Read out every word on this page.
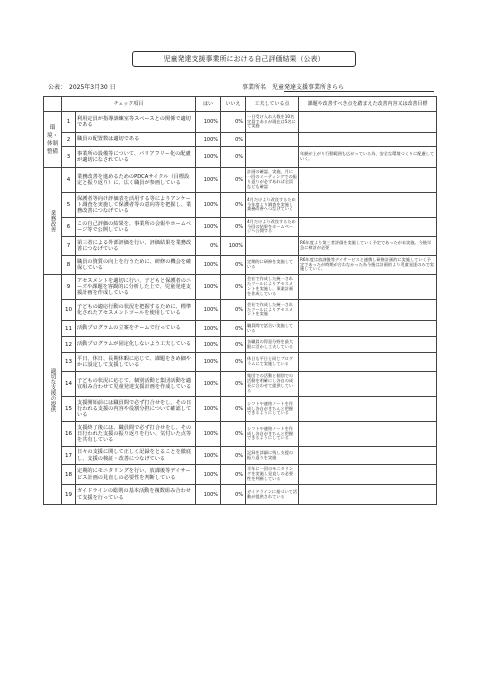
児童発達支援事業所における自己評価結果（公表）
公表：　2025年3月30 日	事業所名　 児童発達支援事業所きらら
	チェック項目		はい	いいえ	工夫している点	課題や改善すべき点を踏まえた改善内容又は改善目標
環境・体制整備	1	利用定員が指導訓練室等スペースとの関係で適切である	100%	0%	一日受け入れ人数を10名定員であるが現在は5名にて実施	
	2	職員の配置数は適切である	100%	0%		
	3	事業所の設備等について、バリアフリー化の配慮が適切になされている	100%	0%		年齢が上がり行動範囲も広がっている為、安全な環境づくりに配慮していく。
業務改善	4	業務改善を進めるためのPDCAサイクル（目標設定と振り返り）に、広く職員が参画している	100%	0%	計画の確認、実施、月に一回のミーティングでの振り返りが必ずあれば全員なども確認	
	5	保護者等向け評価表を活用する等によりアンケート調査を実施して保護者等の意向等を把握し、業務改善につなげている	100%	0%	4月だけより改良するため今年度より調査を実施し業務改善へつなげていく	
	6	この自己評価の結果を、事業所の会報やホームページ等で公開している	100%	0%	4月だけより改良するため今回の結果をホームページへ公開する	
	7	第三者による外部評価を行い、評価結果を業務改善につなげている	0%	100%		R6年度より第三者評価を実施していく予定であったが未実施。今後早急に検討が必要
	8	職員の資質の向上を行うために、研修の機会を確保している	100%	0%	定期的に研修を実施している	R6年度は放課後等デイサービスと連携し研修計画的に実施していく予定であったが時期が合わなかった為今後は計画的より児童発達のみで実施していく。
適切な支援の提供	9	アセスメントを適切に行い、子どもと保護者のニーズや課題を客観的に分析した上で、児童発達支援計画を作成している	100%	0%	会社で作成した統一されたツールによりアセスメントを実施し、事業計画を作成している	
	10	子どもの適応行動の状況を把握するために、標準化されたアセスメントツールを使用している	100%	0%	会社で作成した統一されたツールによりアセスメントを実施	
	11	活動プログラムの立案をチームで行っている	100%	0%	職員間で話合い実施している	
	12	活動プログラムが固定化しないよう工夫している	100%	0%	各職員の得意分野を最大限に活かし工夫している	
	13	平日、休日、長期休暇に応じて、課題をきめ細やかに設定して支援している	100%	0%	休日も平日と同じプログラムにて実施している	
	14	子どもの状況に応じて、個別活動と集団活動を適宜組み合わせて児童発達支援計画を作成している	100%	0%	集団での活動と個別での活動を明確にし各自の成長に合わせて提供している	
	15	支援開始前には職員間で必ず打合せをし、その日行われる支援の内容や役割分担について確認している	100%	0%	シフトや連絡ノートを作成し各自がきちんと把握できるようにしている	
	16	支援終了後には、職員間で必ず打合せをし、その日行われた支援の振り返りを行い、気付いた点等を共有している	100%	0%	シフトや連絡ノートを作成し各自がきちんと把握できるようにしている	
	17	日々の支援に関して正しく記録をとることを徹底し、支援の検証・改善につなげている	100%	0%	記録を詳細に残し支援の振り返りを実施	
	18	定期的にモニタリングを行い、放課後等デイサービス計画の見直しの必要性を判断している	100%	0%	半年に一回のモニタリングを実施し見直しの必要性を判断している	
	19	ガイドラインの総則の基本活動を複数組み合わせて支援を行っている	100%	0%	ガイドラインに基づいて活動が提供されている	
